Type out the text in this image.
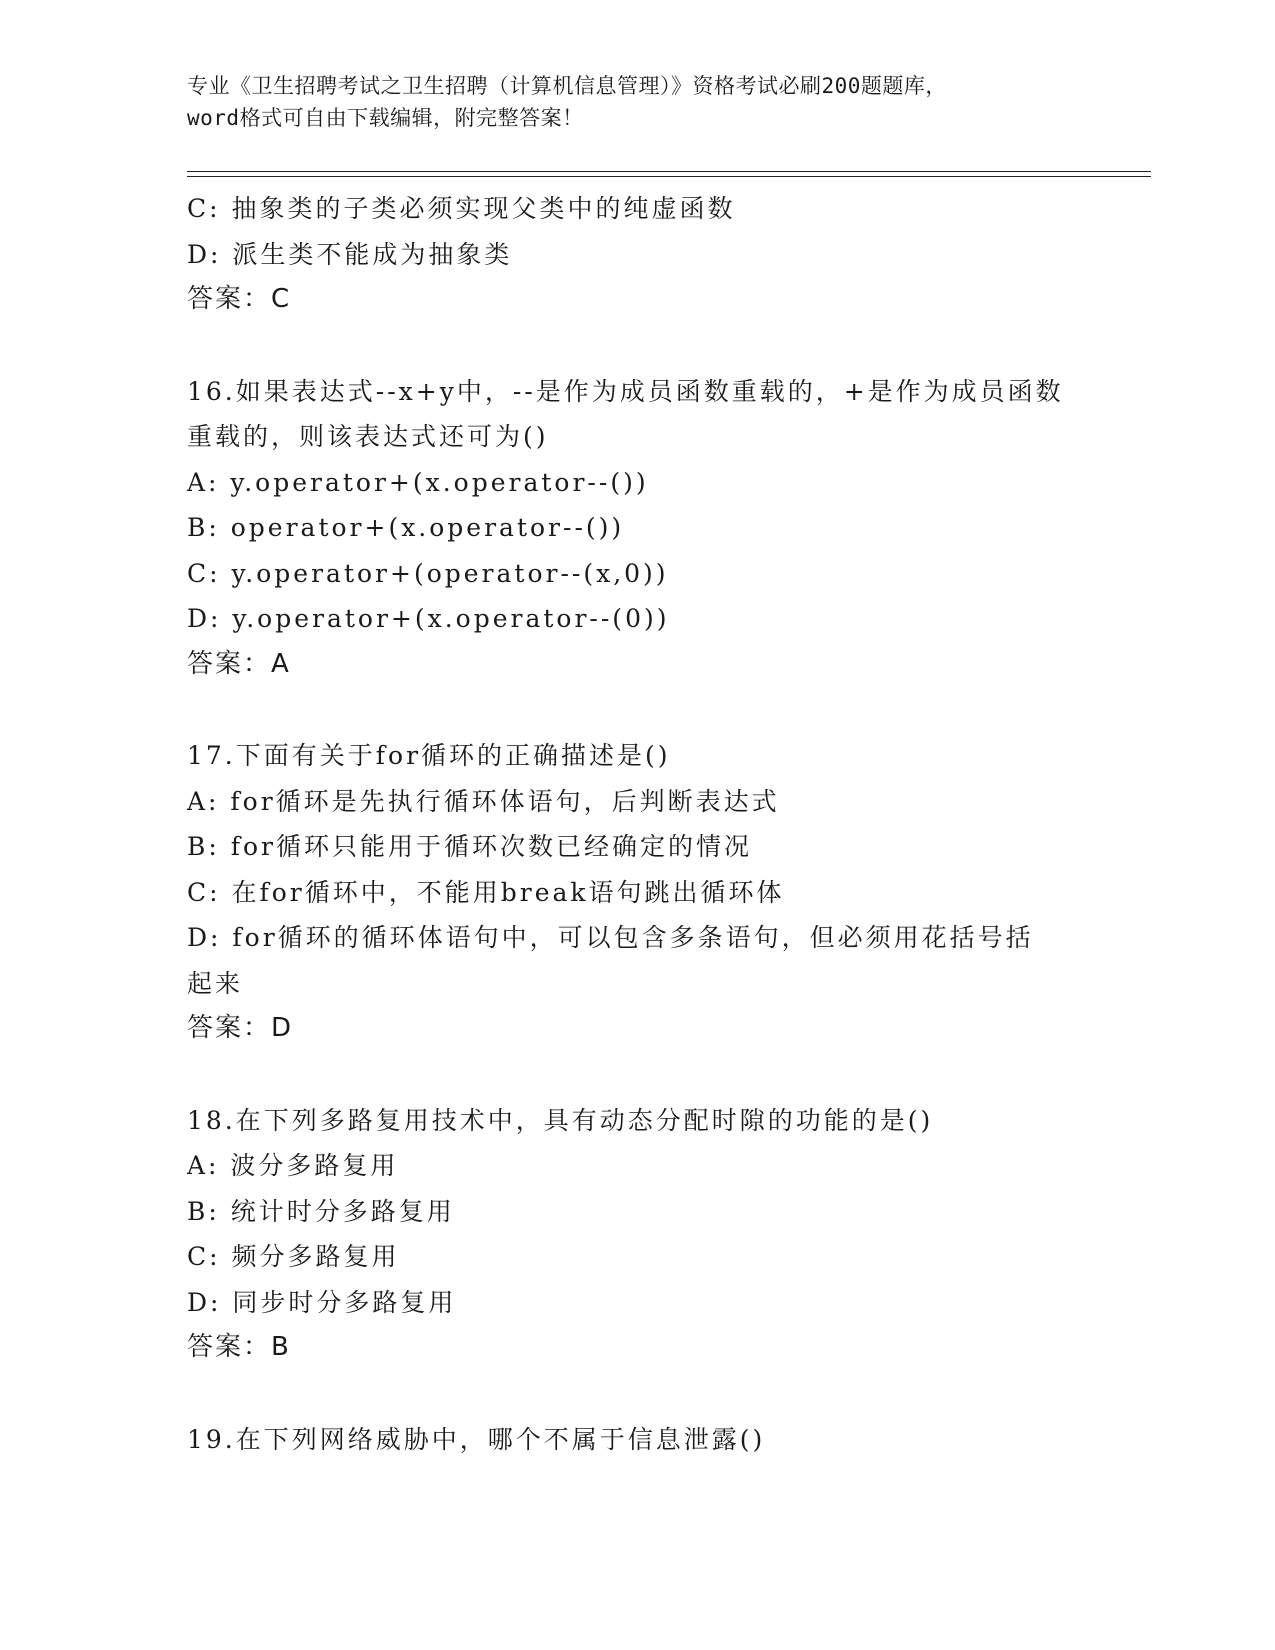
专业《卫生招聘考试之卫生招聘（计算机信息管理）》资格考试必刷200题题库，
word格式可自由下载编辑，附完整答案！
C: 抽象类的子类必须实现父类中的纯虚函数
D: 派生类不能成为抽象类
答案：C
16.如果表达式--x+y中，--是作为成员函数重载的，+是作为成员函数
重载的，则该表达式还可为()
A: y.operator+(x.operator--())
B: operator+(x.operator--())
C: y.operator+(operator--(x,0))
D: y.operator+(x.operator--(0))
答案：A
17.下面有关于for循环的正确描述是()
A: for循环是先执行循环体语句，后判断表达式
B: for循环只能用于循环次数已经确定的情况
C: 在for循环中，不能用break语句跳出循环体
D: for循环的循环体语句中，可以包含多条语句，但必须用花括号括
起来
答案：D
18.在下列多路复用技术中，具有动态分配时隙的功能的是()
A: 波分多路复用
B: 统计时分多路复用
C: 频分多路复用
D: 同步时分多路复用
答案：B
19.在下列网络威胁中，哪个不属于信息泄露()
